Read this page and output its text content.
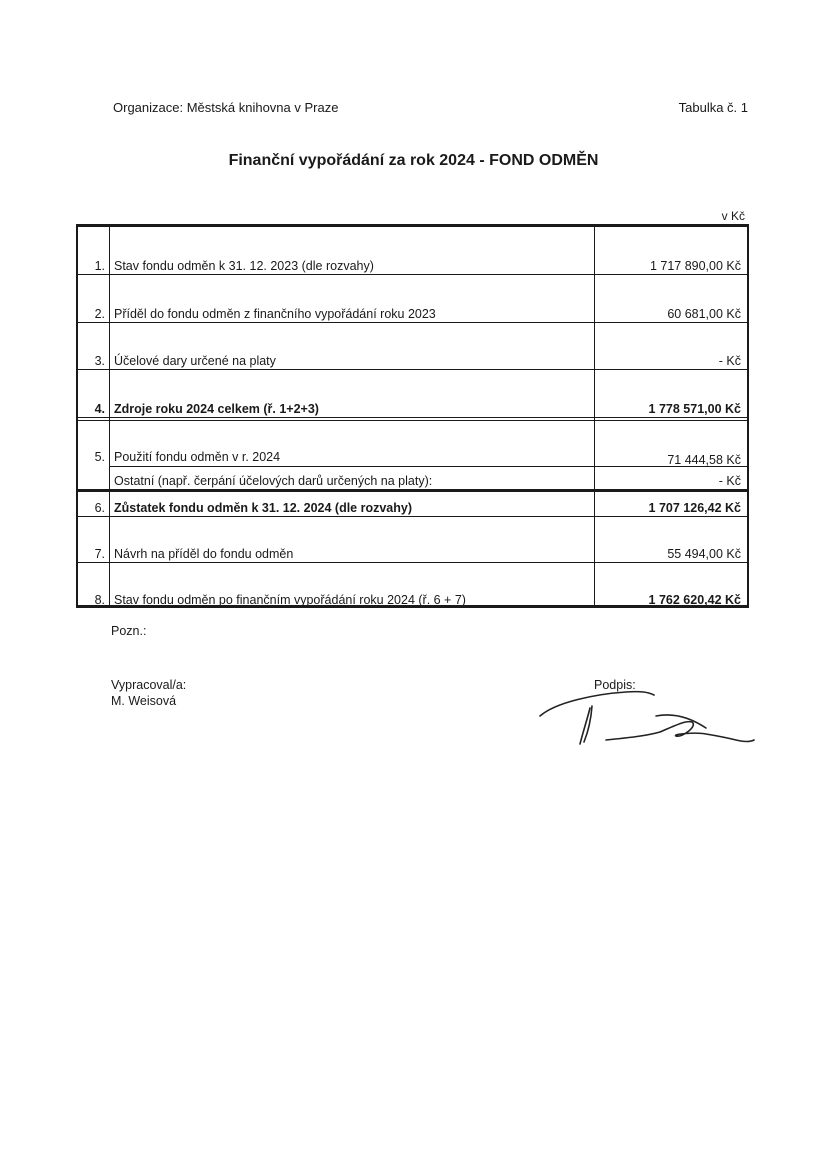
Organizace: Městská knihovna v Praze	Tabulka č. 1
Finanční vypořádání za rok 2024 - FOND ODMĚN
v Kč
1. Stav fondu odměn k 31. 12. 2023 (dle rozvahy)	1 717 890,00 Kč
2. Příděl do fondu odměn z finančního vypořádání roku 2023	60 681,00 Kč
3. Účelové dary určené na platy	- Kč
4. Zdroje roku 2024 celkem (ř. 1+2+3)	1 778 571,00 Kč
5. Použití fondu odměn v r. 2024	71 444,58 Kč
Ostatní (např. čerpání účelových darů určených na platy):	- Kč
6. Zůstatek fondu odměn k 31. 12. 2024 (dle rozvahy)	1 707 126,42 Kč
7. Návrh na příděl do fondu odměn	55 494,00 Kč
8. Stav fondu odměn po finančním vypořádání roku 2024 (ř. 6 + 7)	1 762 620,42 Kč
Pozn.:
Vypracoval/a:
M. Weisová
Podpis:
